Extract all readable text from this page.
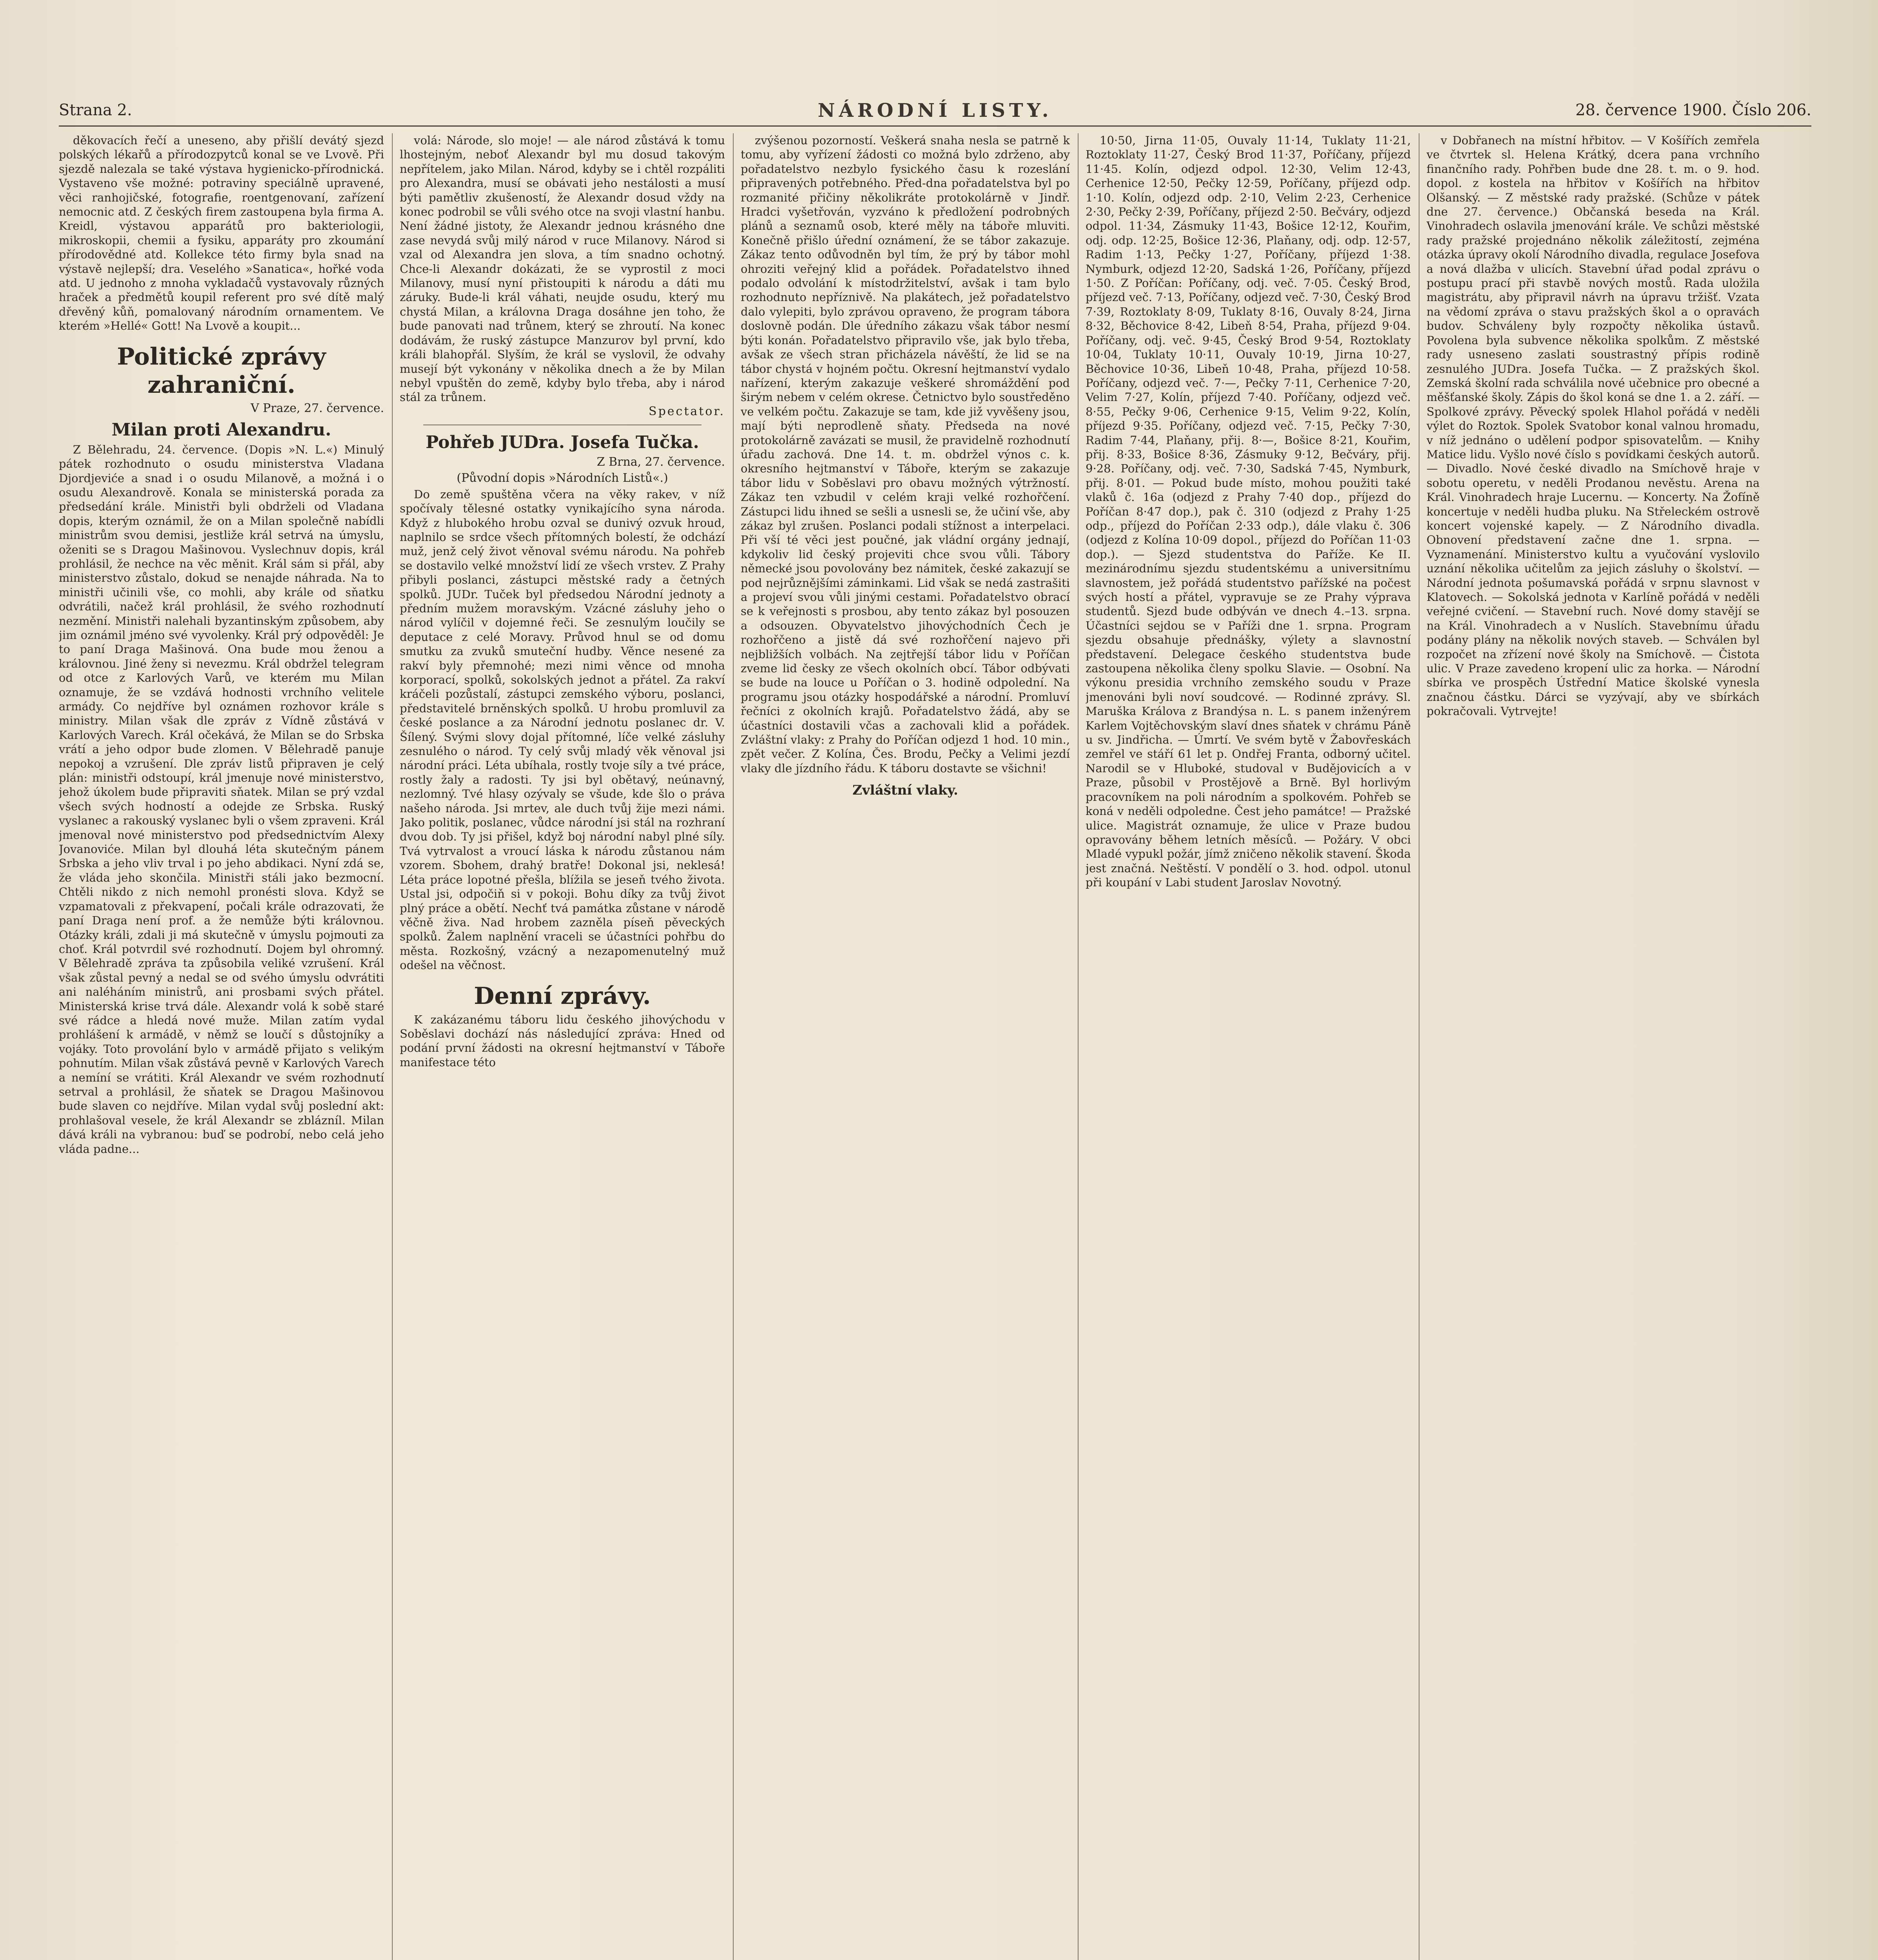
Strana 2.	NÁRODNÍ LISTY.	28. července 1900. Číslo 206.

děkovacích řečí a uneseno, aby přišlí devátý sjezd polských lékařů a přírodozpytců konal se ve Lvově. Při sjezdě nalezala se také výstava hygienicko-přírodnická. Vystaveno vše možné: potraviny speciálně upravené, věci ranhojičské, fotografie, roentgenovaní, zařízení nemocnic atd. Z českých firem zastoupena byla firma A. Kreidl, výstavou apparátů pro bakteriologii, mikroskopii, chemii a fysiku, apparáty pro zkoumání přírodovědné atd. Kollekce této firmy byla snad na výstavě nejlepší; dra. Veselého »Sanatica«, hořké voda atd. U jednoho z mnoha vykladačů vystavovaly různých hraček a předmětů koupil referent pro své dítě malý dřevěný kůň, pomalovaný národním ornamentem. Ve kterém »Hellé« Gott! Na Lvově a koupit...

Politické zprávy zahraniční.
V Praze, 27. července.
Milan proti Alexandru.

Z Bělehradu, 24. července. (Dopis »N. L.«) Minulý pátek rozhodnuto o osudu ministerstva Vladana Djordjeviće a snad i o osudu Milanově, a možná i o osudu Alexandrově. Konala se ministerská porada za předsedání krále. Ministři byli obdrželi od Vladana dopis, kterým oznámil, že on a Milan společně nabídli ministrům svou demisi, jestliže král setrvá na úmyslu, oženiti se s Dragou Mašinovou. Vyslechnuv dopis, král prohlásil, že nechce na věc měnit. Král sám si přál, aby ministerstvo zůstalo, dokud se nenajde náhrada. Na to ministři učinili vše, co mohli, aby krále od sňatku odvrátili, načež král prohlásil, že svého rozhodnutí nezmění. Ministři nalehali byzantinským způsobem, aby jim oznámil jméno své vyvolenky. Král prý odpověděl: Je to paní Draga Mašinová. Ona bude mou ženou a královnou. Jiné ženy si nevezmu. Král obdržel telegram od otce z Karlových Varů, ve kterém mu Milan oznamuje, že se vzdává hodnosti vrchního velitele armády. Co nejdříve byl oznámen rozhovor krále s ministry. Milan však dle zpráv z Vídně zůstává v Karlových Varech. Král očekává, že Milan se do Srbska vrátí a jeho odpor bude zlomen. V Bělehradě panuje nepokoj a vzrušení. Dle zpráv listů připraven je celý plán: ministři odstoupí, král jmenuje nové ministerstvo, jehož úkolem bude připraviti sňatek. Milan se prý vzdal všech svých hodností a odejde ze Srbska. Ruský vyslanec a rakouský vyslanec byli o všem zpraveni. Král jmenoval nové ministerstvo pod předsednictvím Alexy Jovanoviće. Milan byl dlouhá léta skutečným pánem Srbska a jeho vliv trval i po jeho abdikaci. Nyní zdá se, že vláda jeho skončila. Ministři stáli jako bezmocní. Chtěli nikdo z nich nemohl pronésti slova. Když se vzpamatovali z překvapení, počali krále odrazovati, že paní Draga není prof. a že nemůže býti královnou. Otázky králi, zdali ji má skutečně v úmyslu pojmouti za choť. Král potvrdil své rozhodnutí. Dojem byl ohromný. V Bělehradě zpráva ta způsobila veliké vzrušení. Král však zůstal pevný a nedal se od svého úmyslu odvrátiti ani naléháním ministrů, ani prosbami svých přátel. Ministerská krise trvá dále. Alexandr volá k sobě staré své rádce a hledá nové muže. Milan zatím vydal prohlášení k armádě, v němž se loučí s důstojníky a vojáky. Toto provolání bylo v armádě přijato s velikým pohnutím. Milan však zůstává pevně v Karlových Varech a nemíní se vrátiti. Král Alexandr ve svém rozhodnutí setrval a prohlásil, že sňatek se Dragou Mašinovou bude slaven co nejdříve. Milan vydal svůj poslední akt: prohlašoval vesele, že král Alexandr se zblázníl. Milan dává králi na vybranou: buď se podrobí, nebo celá jeho vláda padne...

volá: Národe, slo moje! — ale národ zůstává k tomu lhostejným, neboť Alexandr byl mu dosud takovým nepřítelem, jako Milan. Národ, kdyby se i chtěl rozpáliti pro Alexandra, musí se obávati jeho nestálosti a musí býti pamětliv zkušeností, že Alexandr dosud vždy na konec podrobil se vůli svého otce na svoji vlastní hanbu. Není žádné jistoty, že Alexandr jednou krásného dne zase nevydá svůj milý národ v ruce Milanovy. Národ si vzal od Alexandra jen slova, a tím snadno ochotný. Chce-li Alexandr dokázati, že se vyprostil z moci Milanovy, musí nyní přistoupiti k národu a dáti mu záruky. Bude-li král váhati, neujde osudu, který mu chystá Milan, a královna Draga dosáhne jen toho, že bude panovati nad trůnem, který se zhroutí. Na konec dodávám, že ruský zástupce Manzurov byl první, kdo králi blahopřál. Slyším, že král se vyslovil, že odvahy musejí být vykonány v několika dnech a že by Milan nebyl vpuštěn do země, kdyby bylo třeba, aby i národ stál za trůnem.

Spectator.
Pohřeb JUDra. Josefa Tučka.
Z Brna, 27. července.
(Původní dopis »Národních Listů«.)

Do země spuštěna včera na věky rakev, v níž spočívaly tělesné ostatky vynikajícího syna národa. Když z hlubokého hrobu ozval se dunivý ozvuk hroud, naplnilo se srdce všech přítomných bolestí, že odchází muž, jenž celý život věnoval svému národu. Na pohřeb se dostavilo velké množství lidí ze všech vrstev. Z Prahy přibyli poslanci, zástupci městské rady a četných spolků. JUDr. Tuček byl předsedou Národní jednoty a předním mužem moravským. Vzácné zásluhy jeho o národ vylíčil v dojemné řeči. Se zesnulým loučily se deputace z celé Moravy. Průvod hnul se od domu smutku za zvuků smuteční hudby. Věnce nesené za rakví byly přemnohé; mezi nimi věnce od mnoha korporací, spolků, sokolských jednot a přátel. Za rakví kráčeli pozůstalí, zástupci zemského výboru, poslanci, představitelé brněnských spolků. U hrobu promluvil za české poslance a za Národní jednotu poslanec dr. V. Šílený. Svými slovy dojal přítomné, líče velké zásluhy zesnulého o národ. Ty celý svůj mladý věk věnoval jsi národní práci. Léta ubíhala, rostly tvoje síly a tvé práce, rostly žaly a radosti. Ty jsi byl obětavý, neúnavný, nezlomný. Tvé hlasy ozývaly se všude, kde šlo o práva našeho národa. Jsi mrtev, ale duch tvůj žije mezi námi. Jako politik, poslanec, vůdce národní jsi stál na rozhraní dvou dob. Ty jsi přišel, když boj národní nabyl plné síly. Tvá vytrvalost a vroucí láska k národu zůstanou nám vzorem. Sbohem, drahý bratře! Dokonal jsi, neklesá! Léta práce lopotné přešla, blížila se jeseň tvého života. Ustal jsi, odpočiň si v pokoji. Bohu díky za tvůj život plný práce a obětí. Nechť tvá památka zůstane v národě věčně živa. Nad hrobem zazněla píseň pěveckých spolků. Žalem naplnění vraceli se účastníci pohřbu do města. Rozkošný, vzácný a nezapomenutelný muž odešel na věčnost.

Denní zprávy.

K zakázanému táboru lidu českého jihovýchodu v Soběslavi dochází nás následující zpráva: Hned od podání první žádosti na okresní hejtmanství v Táboře manifestace této

zvýšenou pozorností. Veškerá snaha nesla se patrně k tomu, aby vyřízení žádosti co možná bylo zdrženo, aby pořadatelstvo nezbylo fysického času k rozeslání připravených potřebného. Před-dna pořadatelstva byl po rozmanité přičiny několikráte protokolárně v Jindř. Hradci vyšetřován, vyzváno k předložení podrobných plánů a seznamů osob, které měly na táboře mluviti. Konečně přišlo úřední oznámení, že se tábor zakazuje. Zákaz tento odůvodněn byl tím, že prý by tábor mohl ohroziti veřejný klid a pořádek. Pořadatelstvo ihned podalo odvolání k místodržitelství, avšak i tam bylo rozhodnuto nepříznivě. Na plakátech, jež pořadatelstvo dalo vylepiti, bylo zprávou opraveno, že program tábora doslovně podán. Dle úředního zákazu však tábor nesmí býti konán. Pořadatelstvo připravilo vše, jak bylo třeba, avšak ze všech stran přicházela návěští, že lid se na tábor chystá v hojném počtu. Okresní hejtmanství vydalo nařízení, kterým zakazuje veškeré shromáždění pod širým nebem v celém okrese. Četnictvo bylo soustředěno ve velkém počtu. Zakazuje se tam, kde již vyvěšeny jsou, mají býti neprodleně sňaty. Předseda na nové protokolárně zavázati se musil, že pravidelně rozhodnutí úřadu zachová. Dne 14. t. m. obdržel výnos c. k. okresního hejtmanství v Táboře, kterým se zakazuje tábor lidu v Soběslavi pro obavu možných výtržností. Zákaz ten vzbudil v celém kraji velké rozhořčení. Zástupci lidu ihned se sešli a usnesli se, že učiní vše, aby zákaz byl zrušen. Poslanci podali stížnost a interpelaci. Při vší té věci jest poučné, jak vládní orgány jednají, kdykoliv lid český projeviti chce svou vůli. Tábory německé jsou povolovány bez námitek, české zakazují se pod nejrůznějšími záminkami. Lid však se nedá zastrašiti a projeví svou vůli jinými cestami. Pořadatelstvo obrací se k veřejnosti s prosbou, aby tento zákaz byl posouzen a odsouzen. Obyvatelstvo jihovýchodních Čech je rozhořčeno a jistě dá své rozhořčení najevo při nejbližších volbách. Na zejtřejší tábor lidu v Poříčan zveme lid česky ze všech okolních obcí. Tábor odbývati se bude na louce u Poříčan o 3. hodině odpolední. Na programu jsou otázky hospodářské a národní. Promluví řečníci z okolních krajů. Pořadatelstvo žádá, aby se účastníci dostavili včas a zachovali klid a pořádek. Zvláštní vlaky: z Prahy do Poříčan odjezd 1 hod. 10 min., zpět večer. Z Kolína, Čes. Brodu, Pečky a Velimi jezdí vlaky dle jízdního řádu. K táboru dostavte se všichni!

Zvláštní vlaky.

10·50, Jirna 11·05, Ouvaly 11·14, Tuklaty 11·21, Roztoklaty 11·27, Český Brod 11·37, Poříčany, příjezd 11·45. Kolín, odjezd odpol. 12·30, Velim 12·43, Cerhenice 12·50, Pečky 12·59, Poříčany, příjezd odp. 1·10. Kolín, odjezd odp. 2·10, Velim 2·23, Cerhenice 2·30, Pečky 2·39, Poříčany, příjezd 2·50. Bečváry, odjezd odpol. 11·34, Zásmuky 11·43, Bošice 12·12, Kouřim, odj. odp. 12·25, Bošice 12·36, Plaňany, odj. odp. 12·57, Radim 1·13, Pečky 1·27, Poříčany, příjezd 1·38. Nymburk, odjezd 12·20, Sadská 1·26, Poříčany, příjezd 1·50. Z Poříčan: Poříčany, odj. več. 7·05. Český Brod, příjezd več. 7·13, Poříčany, odjezd več. 7·30, Český Brod 7·39, Roztoklaty 8·09, Tuklaty 8·16, Ouvaly 8·24, Jirna 8·32, Běchovice 8·42, Libeň 8·54, Praha, příjezd 9·04. Poříčany, odj. več. 9·45, Český Brod 9·54, Roztoklaty 10·04, Tuklaty 10·11, Ouvaly 10·19, Jirna 10·27, Běchovice 10·36, Libeň 10·48, Praha, příjezd 10·58. Poříčany, odjezd več. 7·—, Pečky 7·11, Cerhenice 7·20, Velim 7·27, Kolín, příjezd 7·40. Poříčany, odjezd več. 8·55, Pečky 9·06, Cerhenice 9·15, Velim 9·22, Kolín, příjezd 9·35. Poříčany, odjezd več. 7·15, Pečky 7·30, Radim 7·44, Plaňany, přij. 8·—, Bošice 8·21, Kouřim, přij. 8·33, Bošice 8·36, Zásmuky 9·12, Bečváry, přij. 9·28. Poříčany, odj. več. 7·30, Sadská 7·45, Nymburk, přij. 8·01. — Pokud bude místo, mohou použiti také vlaků č. 16a (odjezd z Prahy 7·40 dop., příjezd do Poříčan 8·47 dop.), pak č. 310 (odjezd z Prahy 1·25 odp., příjezd do Poříčan 2·33 odp.), dále vlaku č. 306 (odjezd z Kolína 10·09 dopol., příjezd do Poříčan 11·03 dop.). — Sjezd studentstva do Paříže. Ke II. mezinárodnímu sjezdu studentskému a universitnímu slavnostem, jež pořádá studentstvo pařížské na počest svých hostí a přátel, vypravuje se ze Prahy výprava studentů. Sjezd bude odbýván ve dnech 4.–13. srpna. Účastníci sejdou se v Paříži dne 1. srpna. Program sjezdu obsahuje přednášky, výlety a slavnostní představení. Delegace českého studentstva bude zastoupena několika členy spolku Slavie. — Osobní. Na výkonu presidia vrchního zemského soudu v Praze jmenováni byli noví soudcové. — Rodinné zprávy. Sl. Maruška Králova z Brandýsa n. L. s panem inženýrem Karlem Vojtěchovským slaví dnes sňatek v chrámu Páně u sv. Jindřicha. — Úmrtí. Ve svém bytě v Žabovřeskách zemřel ve stáří 61 let p. Ondřej Franta, odborný učitel. Narodil se v Hluboké, studoval v Budějovicích a v Praze, působil v Prostějově a Brně. Byl horlivým pracovníkem na poli národním a spolkovém. Pohřeb se koná v neděli odpoledne. Čest jeho památce! — Pražské ulice. Magistrát oznamuje, že ulice v Praze budou opravovány během letních měsíců. — Požáry. V obci Mladé vypukl požár, jímž zničeno několik stavení. Škoda jest značná. Neštěstí. V pondělí o 3. hod. odpol. utonul při koupání v Labi student Jaroslav Novotný.

v Dobřanech na místní hřbitov. — V Košířích zemřela ve čtvrtek sl. Helena Krátký, dcera pana vrchního finančního rady. Pohřben bude dne 28. t. m. o 9. hod. dopol. z kostela na hřbitov v Košířích na hřbitov Olšanský. — Z městské rady pražské. (Schůze v pátek dne 27. července.) Občanská beseda na Král. Vinohradech oslavila jmenování krále. Ve schůzi městské rady pražské projednáno několik záležitostí, zejména otázka úpravy okolí Národního divadla, regulace Josefova a nová dlažba v ulicích. Stavební úřad podal zprávu o postupu prací při stavbě nových mostů. Rada uložila magistrátu, aby připravil návrh na úpravu tržišť. Vzata na vědomí zpráva o stavu pražských škol a o opravách budov. Schváleny byly rozpočty několika ústavů. Povolena byla subvence několika spolkům. Z městské rady usneseno zaslati soustrastný přípis rodině zesnulého JUDra. Josefa Tučka. — Z pražských škol. Zemská školní rada schválila nové učebnice pro obecné a měšťanské školy. Zápis do škol koná se dne 1. a 2. září. — Spolkové zprávy. Pěvecký spolek Hlahol pořádá v neděli výlet do Roztok. Spolek Svatobor konal valnou hromadu, v níž jednáno o udělení podpor spisovatelům. — Knihy Matice lidu. Vyšlo nové číslo s povídkami českých autorů. — Divadlo. Nové české divadlo na Smíchově hraje v sobotu operetu, v neděli Prodanou nevěstu. Arena na Král. Vinohradech hraje Lucernu. — Koncerty. Na Žofíně koncertuje v neděli hudba pluku. Na Střeleckém ostrově koncert vojenské kapely. — Z Národního divadla. Obnovení představení začne dne 1. srpna. — Vyznamenání. Ministerstvo kultu a vyučování vyslovilo uznání několika učitelům za jejich zásluhy o školství. — Národní jednota pošumavská pořádá v srpnu slavnost v Klatovech. — Sokolská jednota v Karlíně pořádá v neděli veřejné cvičení. — Stavební ruch. Nové domy stavějí se na Král. Vinohradech a v Nuslích. Stavebnímu úřadu podány plány na několik nových staveb. — Schválen byl rozpočet na zřízení nové školy na Smíchově. — Čistota ulic. V Praze zavedeno kropení ulic za horka. — Národní sbírka ve prospěch Ústřední Matice školské vynesla značnou částku. Dárci se vyzývají, aby ve sbírkách pokračovali. Vytrvejte!
